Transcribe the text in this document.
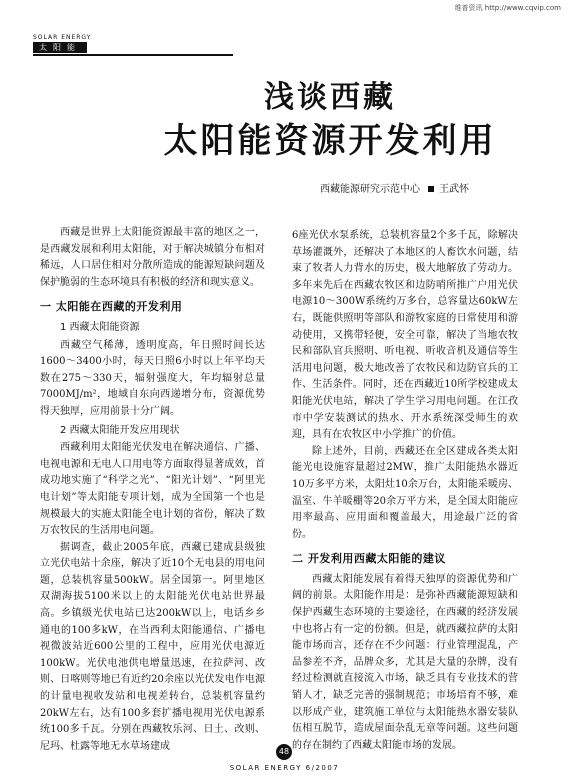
维普资讯 http://www.cqvip.com
SOLAR ENERGY
太阳能
浅谈西藏
太阳能资源开发利用
西藏能源研究示范中心 王武怀

西藏是世界上太阳能资源最丰富的地区之一，是西藏发展和利用太阳能，对于解决城镇分布相对稀远，人口居住相对分散所造成的能源短缺问题及保护脆弱的生态环境具有积极的经济和现实意义。

一 太阳能在西藏的开发利用
1 西藏太阳能资源

西藏空气稀薄，透明度高，年日照时间长达1600～3400小时，每天日照6小时以上年平均天数在275～330天，辐射强度大，年均辐射总量7000MJ/m²，地域自东向西递增分布，资源优势得天独厚，应用前景十分广阔。

2 西藏太阳能开发应用现状

西藏利用太阳能光伏发电在解决通信、广播、电视电源和无电人口用电等方面取得显著成效，首成功地实施了“科学之光”、“阳光计划”、“阿里光电计划”等太阳能专项计划，成为全国第一个也是规模最大的实施太阳能全电计划的省份，解决了数万农牧民的生活用电问题。

据调查，截止2005年底，西藏已建成县级独立光伏电站十余座，解决了近10个无电县的用电问题，总装机容量500kW。居全国第一。阿里地区双湖海拔5100米以上的太阳能光伏电站世界最高。乡镇级光伏电站已达200kW以上，电话乡乡通电的100多kW，在当西利太阳能通信、广播电视微波站近600公里的工程中，应用光伏电源近100kW。光伏电池供电增量迅速，在拉萨河、改则、日喀则等地已有近约20余座以光伏发电作电源的计量电视收发站和电视差转台，总装机容量约20kW左右，达有100多套扩播电视用光伏电源系统100多千瓦。分别在西藏牧乐河、日土、改则、尼玛、杜露等地无水草场建成

6座光伏水泵系统，总装机容量2个多千瓦，除解决草场灌溉外，还解决了本地区的人畜饮水问题，结束了牧者人力背水的历史，极大地解放了劳动力。多年来先后在西藏农牧区和边防哨所推广户用光伏电源10～300W系统约万多台，总容量达60kW左右，既能供照明等部队和游牧家庭的日常使用和游动使用，又携带轻便，安全可靠，解决了当地农牧民和部队官兵照明、听电视、听收音机及通信等生活用电问题，极大地改善了农牧民和边防官兵的工作、生活条件。同时，还在西藏近10所学校建成太阳能光伏电站，解决了学生学习用电问题。在江孜市中学安装测试的热水、开水系统深受师生的欢迎，具有在农牧区中小学推广的价值。

除上述外，目前，西藏还在全区建成各类太阳能光电设施容量超过2MW，推广太阳能热水器近10万多平方米，太阳灶10余万台，太阳能采暖房、温室、牛羊暖棚等20余万平方米，是全国太阳能应用率最高、应用面和覆盖最大，用途最广泛的省份。

二 开发利用西藏太阳能的建议

西藏太阳能发展有着得天独厚的资源优势和广阔的前景。太阳能作用是：是弥补西藏能源短缺和保护西藏生态环境的主要途径，在西藏的经济发展中也将占有一定的份额。但是，就西藏拉萨的太阳能市场而言，还存在不少问题：行业管理混乱，产品参差不齐，品牌众多，尤其是大量的杂牌，没有经过检测就直接流入市场，缺乏具有专业技术的营销人才，缺乏完善的强制规范；市场培育不够，难以形成产业，建筑施工单位与太阳能热水器安装队伍相互脱节，造成屋面杂乱无章等问题。这些问题的存在制约了西藏太阳能市场的发展。

48
SOLAR ENERGY 6/2007
